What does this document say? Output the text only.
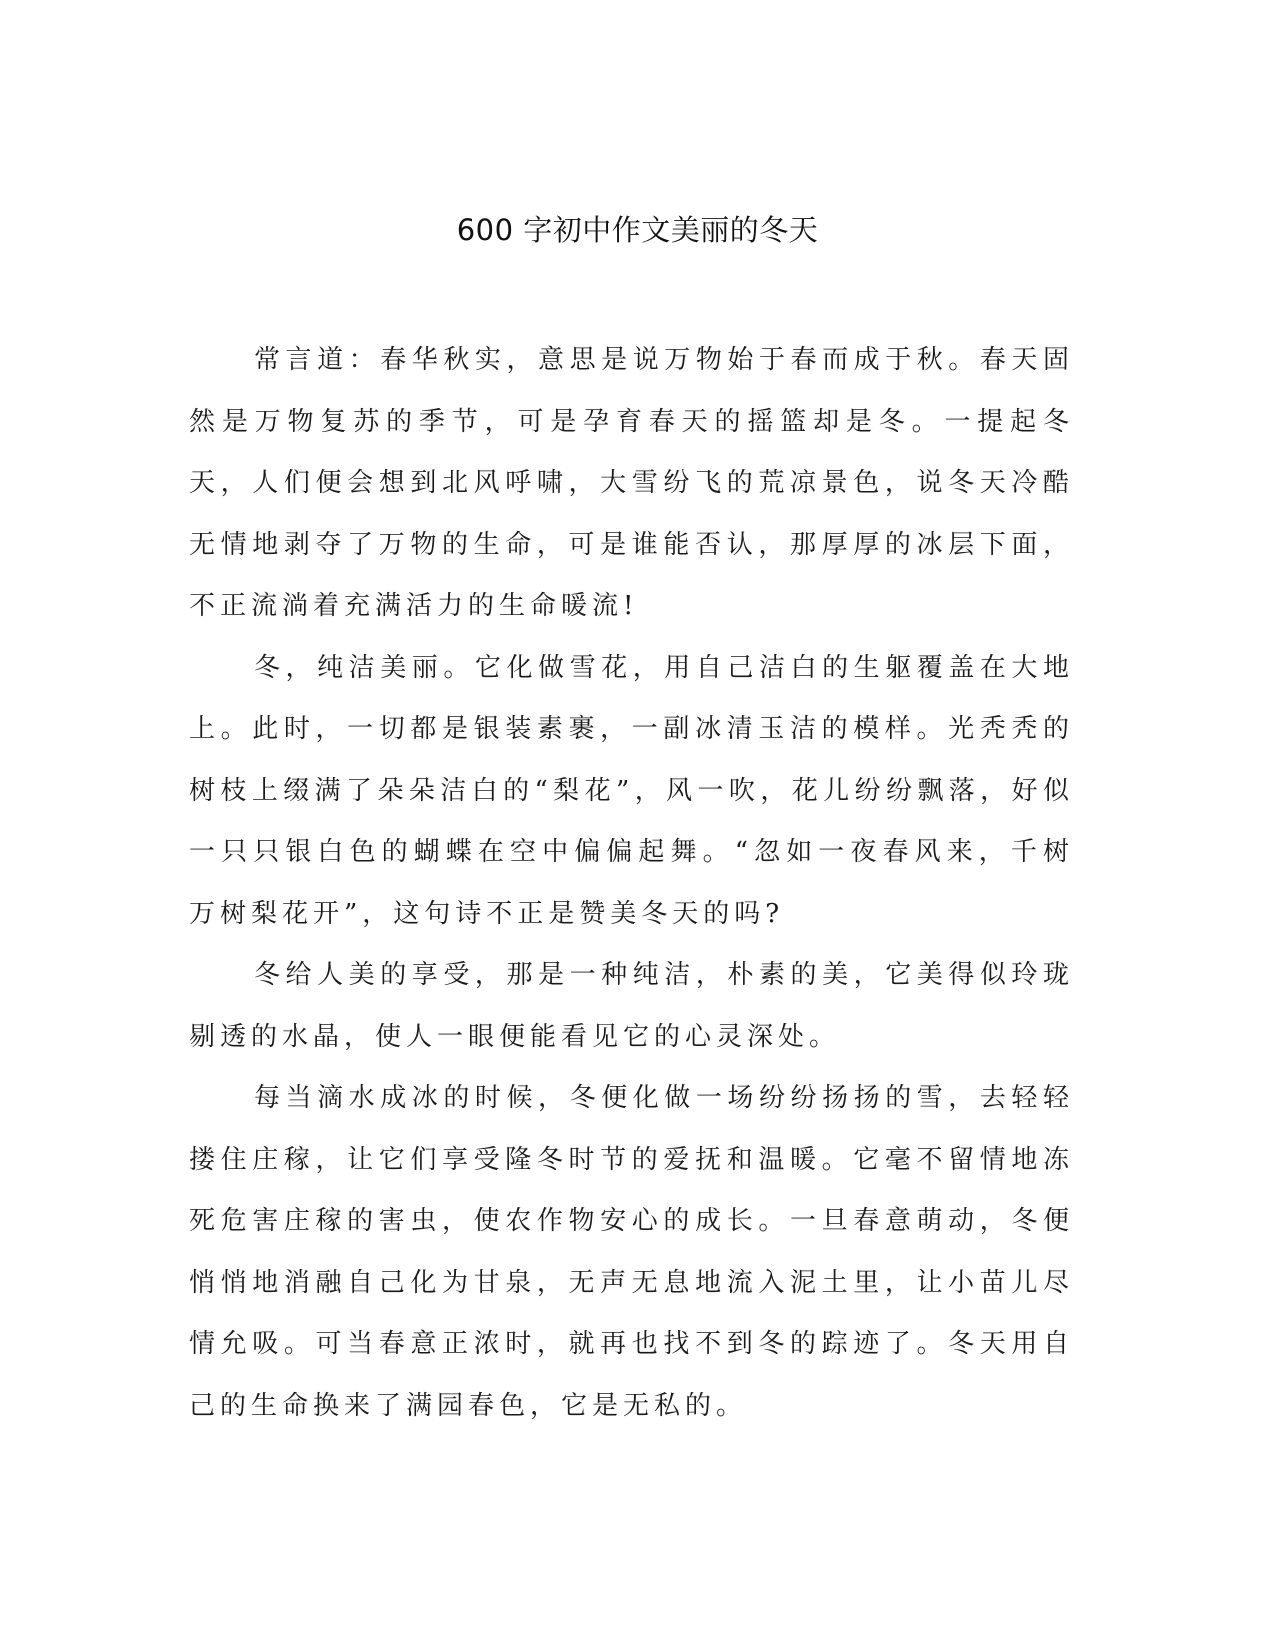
600 字初中作文美丽的冬天

常言道：春华秋实，意思是说万物始于春而成于秋。春天固然是万物复苏的季节，可是孕育春天的摇篮却是冬。一提起冬天，人们便会想到北风呼啸，大雪纷飞的荒凉景色，说冬天冷酷无情地剥夺了万物的生命，可是谁能否认，那厚厚的冰层下面，不正流淌着充满活力的生命暖流!

冬，纯洁美丽。它化做雪花，用自己洁白的生躯覆盖在大地上。此时，一切都是银装素裹，一副冰清玉洁的模样。光秃秃的树枝上缀满了朵朵洁白的“梨花”，风一吹，花儿纷纷飘落，好似一只只银白色的蝴蝶在空中偏偏起舞。“忽如一夜春风来，千树万树梨花开”，这句诗不正是赞美冬天的吗?

冬给人美的享受，那是一种纯洁，朴素的美，它美得似玲珑剔透的水晶，使人一眼便能看见它的心灵深处。

每当滴水成冰的时候，冬便化做一场纷纷扬扬的雪，去轻轻搂住庄稼，让它们享受隆冬时节的爱抚和温暖。它毫不留情地冻死危害庄稼的害虫，使农作物安心的成长。一旦春意萌动，冬便悄悄地消融自己化为甘泉，无声无息地流入泥土里，让小苗儿尽情允吸。可当春意正浓时，就再也找不到冬的踪迹了。冬天用自己的生命换来了满园春色，它是无私的。
